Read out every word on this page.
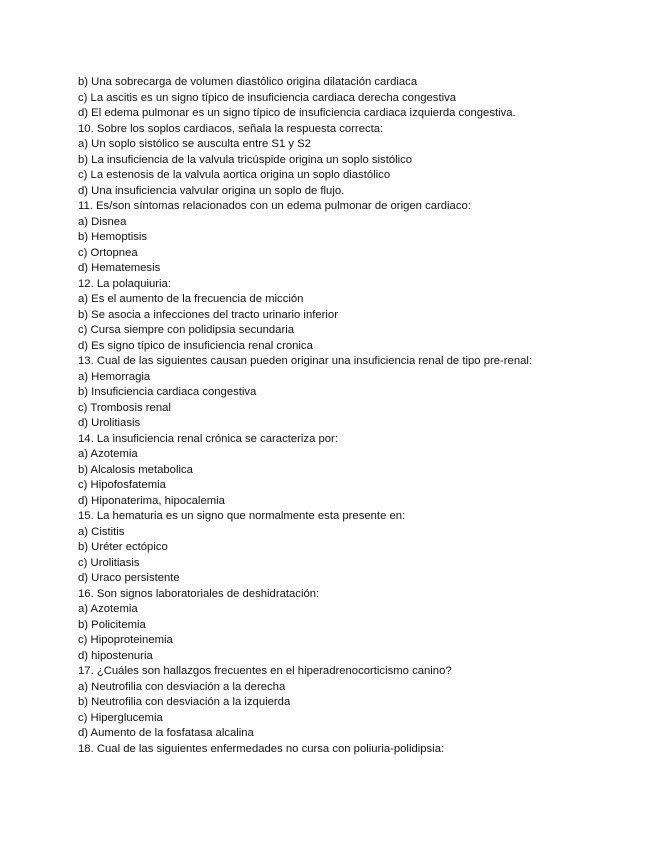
b) Una sobrecarga de volumen diastólico origina dilatación cardiaca

c) La ascitis es un signo típico de insuficiencia cardiaca derecha congestiva

d) El edema pulmonar es un signo típico de insuficiencia cardiaca izquierda congestiva.

10. Sobre los soplos cardiacos, señala la respuesta correcta:

a) Un soplo sistólico se ausculta entre S1 y S2

b) La insuficiencia de la valvula tricúspide origina un soplo sistólico

c) La estenosis de la valvula aortica origina un soplo diastólico

d) Una insuficiencia valvular origina un soplo de flujo.

11. Es/son síntomas relacionados con un edema pulmonar de origen cardiaco:

a) Disnea

b) Hemoptisis

c) Ortopnea

d) Hematemesis

12. La polaquiuria:

a) Es el aumento de la frecuencia de micción

b) Se asocia a infecciones del tracto urinario inferior

c) Cursa siempre con polidipsia secundaria

d) Es signo típico de insuficiencia renal cronica

13. Cual de las siguientes causan pueden originar una insuficiencia renal de tipo pre-renal:

a) Hemorragia

b) Insuficiencia cardiaca congestiva

c) Trombosis renal

d) Urolitiasis

14. La insuficiencia renal crónica se caracteriza por:

a) Azotemia

b) Alcalosis metabolica

c) Hipofosfatemia

d) Hiponaterima, hipocalemia

15. La hematuria es un signo que normalmente esta presente en:

a) Cistitis

b) Uréter ectópico

c) Urolitiasis

d) Uraco persistente

16. Son signos laboratoriales de deshidratación:

a) Azotemia

b) Policitemia

c) Hipoproteinemia

d) hipostenuria

17. ¿Cuáles son hallazgos frecuentes en el hiperadrenocorticismo canino?

a) Neutrofilia con desviación a la derecha

b) Neutrofilia con desviación a la izquierda

c) Hiperglucemia

d) Aumento de la fosfatasa alcalina

18. Cual de las siguientes enfermedades no cursa con poliuria-polidipsia:
